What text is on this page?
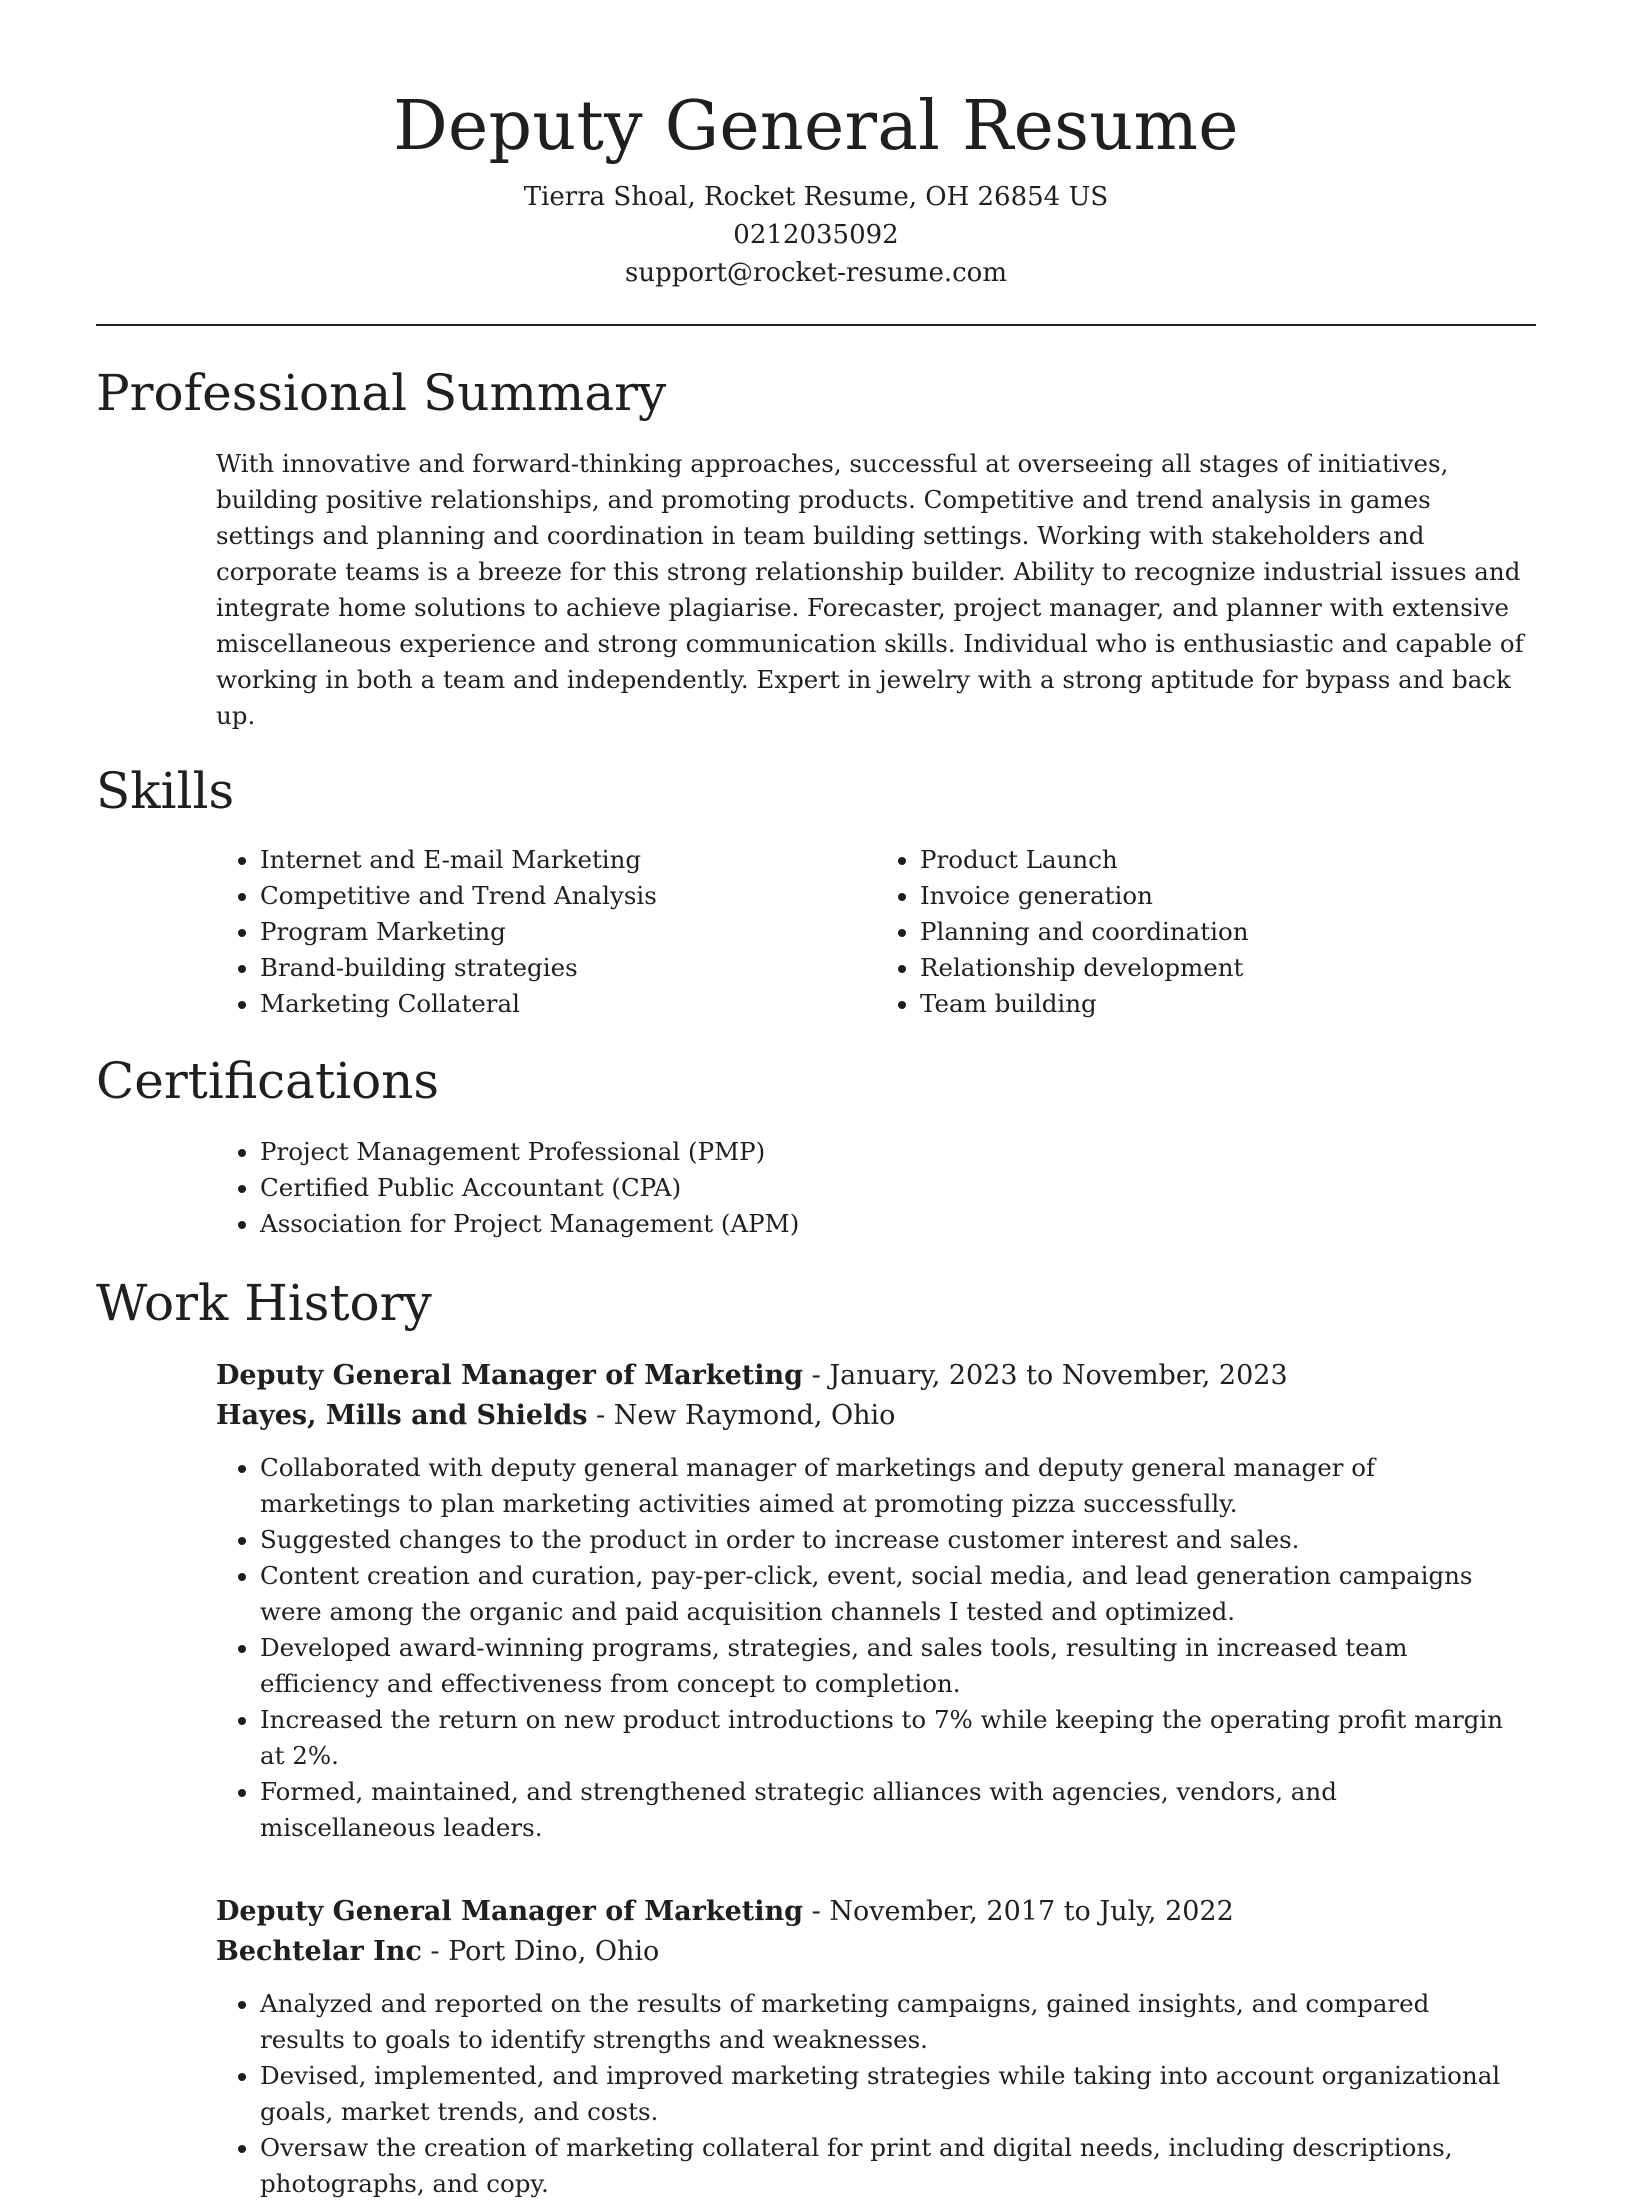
Deputy General Resume

Tierra Shoal, Rocket Resume, OH 26854 US

0212035092

support@rocket-resume.com

Professional Summary

With innovative and forward-thinking approaches, successful at overseeing all stages of initiatives, building positive relationships, and promoting products. Competitive and trend analysis in games settings and planning and coordination in team building settings. Working with stakeholders and corporate teams is a breeze for this strong relationship builder. Ability to recognize industrial issues and integrate home solutions to achieve plagiarise. Forecaster, project manager, and planner with extensive miscellaneous experience and strong communication skills. Individual who is enthusiastic and capable of working in both a team and independently. Expert in jewelry with a strong aptitude for bypass and back up.

Skills
• Internet and E-mail Marketing
• Competitive and Trend Analysis
• Program Marketing
• Brand-building strategies
• Marketing Collateral
• Product Launch
• Invoice generation
• Planning and coordination
• Relationship development
• Team building
Certifications
• Project Management Professional (PMP)
• Certified Public Accountant (CPA)
• Association for Project Management (APM)
Work History

Deputy General Manager of Marketing - January, 2023 to November, 2023

Hayes, Mills and Shields - New Raymond, Ohio

• Collaborated with deputy general manager of marketings and deputy general manager of marketings to plan marketing activities aimed at promoting pizza successfully.
• Suggested changes to the product in order to increase customer interest and sales.
• Content creation and curation, pay-per-click, event, social media, and lead generation campaigns were among the organic and paid acquisition channels I tested and optimized.
• Developed award-winning programs, strategies, and sales tools, resulting in increased team efficiency and effectiveness from concept to completion.
• Increased the return on new product introductions to 7% while keeping the operating profit margin at 2%.
• Formed, maintained, and strengthened strategic alliances with agencies, vendors, and miscellaneous leaders.

Deputy General Manager of Marketing - November, 2017 to July, 2022

Bechtelar Inc - Port Dino, Ohio

• Analyzed and reported on the results of marketing campaigns, gained insights, and compared results to goals to identify strengths and weaknesses.
• Devised, implemented, and improved marketing strategies while taking into account organizational goals, market trends, and costs.
• Oversaw the creation of marketing collateral for print and digital needs, including descriptions, photographs, and copy.
